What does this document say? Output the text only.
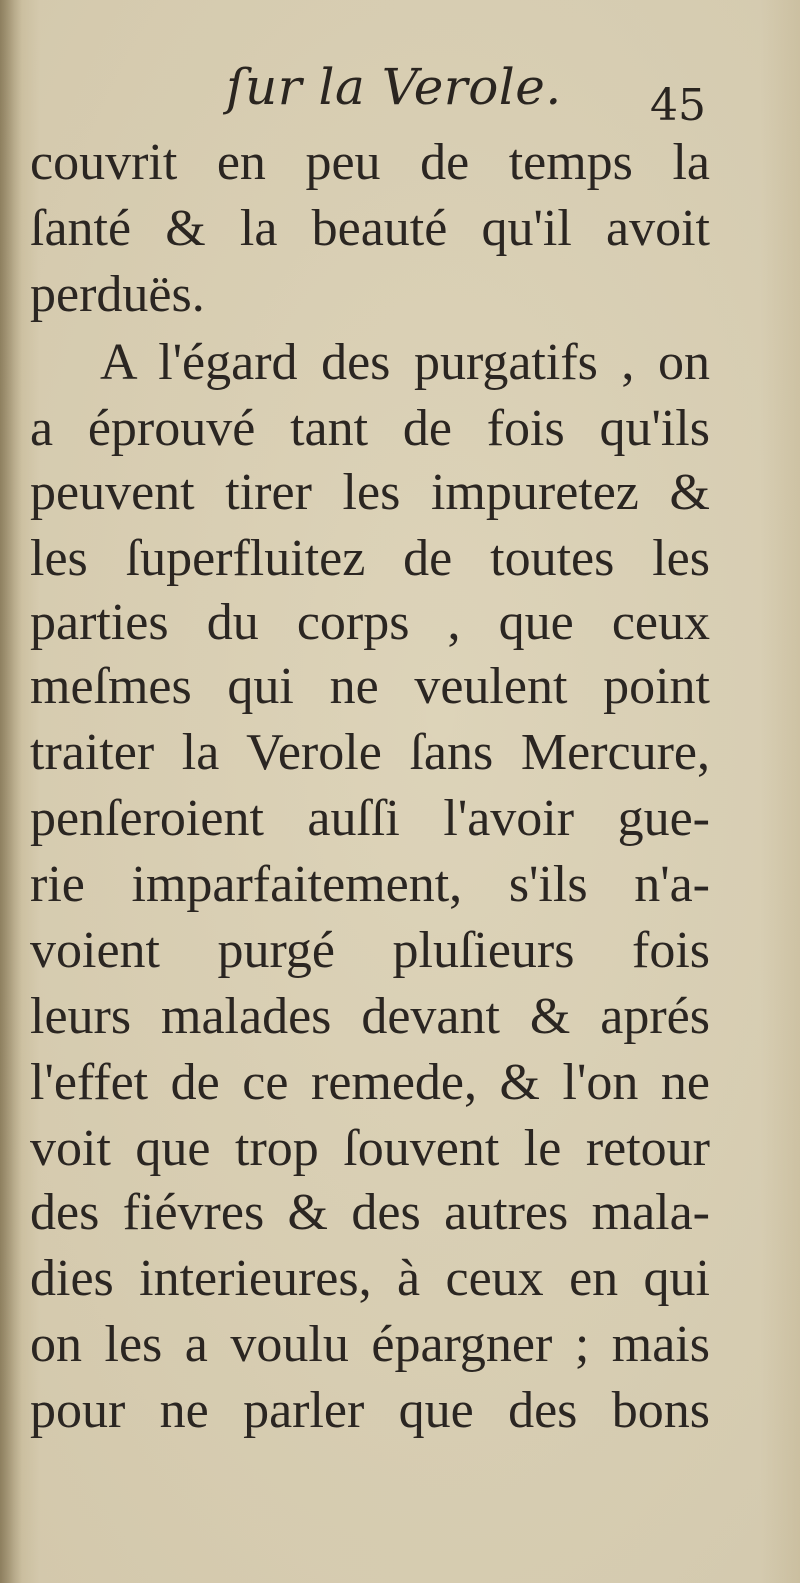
ſur la Verole. 45
couvrit en peu de temps la
ſanté & la beauté qu'il avoit
perduës.
A l'égard des purgatifs , on
a éprouvé tant de fois qu'ils
peuvent tirer les impuretez &
les ſuperfluitez de toutes les
parties du corps , que ceux
meſmes qui ne veulent point
traiter la Verole ſans Mercure,
penſeroient auſſi l'avoir gue-
rie imparfaitement, s'ils n'a-
voient purgé pluſieurs fois
leurs malades devant & aprés
l'effet de ce remede, & l'on ne
voit que trop ſouvent le retour
des fiévres & des autres mala-
dies interieures, à ceux en qui
on les a voulu épargner ; mais
pour ne parler que des bons
